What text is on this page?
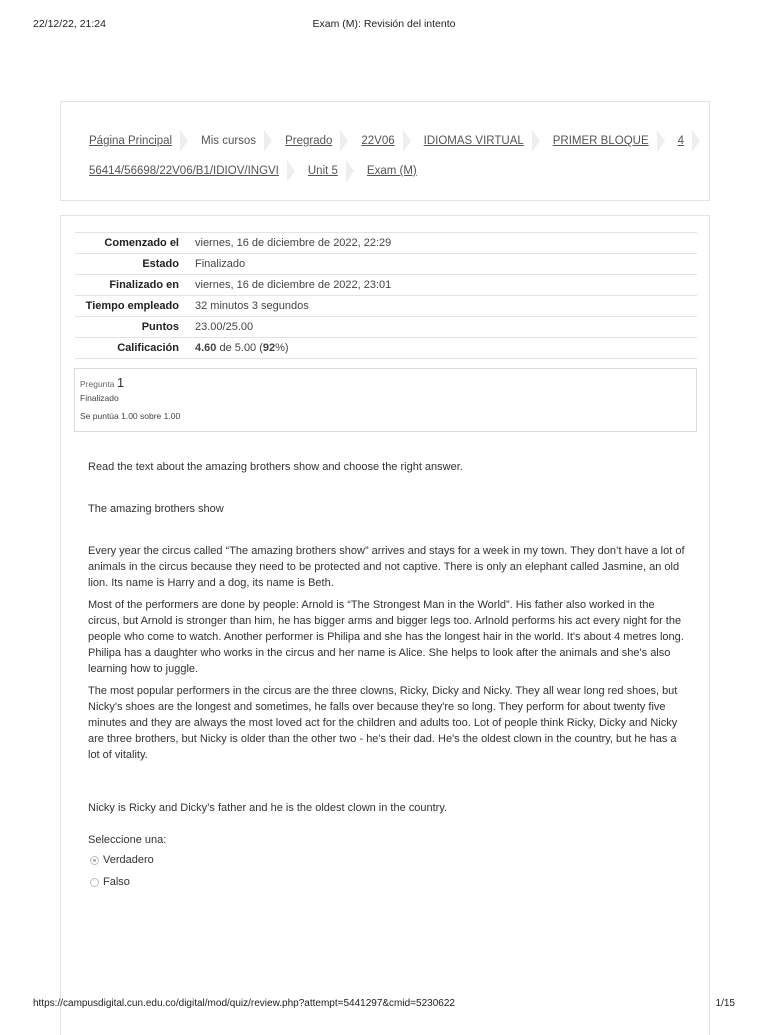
22/12/22, 21:24	Exam (M): Revisión del intento
Página Principal	Mis cursos	Pregrado	22V06	IDIOMAS VIRTUAL	PRIMER BLOQUE	4
56414/56698/22V06/B1/IDIOV/INGVI	Unit 5	Exam (M)
Comenzado el	viernes, 16 de diciembre de 2022, 22:29
Estado	Finalizado
Finalizado en	viernes, 16 de diciembre de 2022, 23:01
Tiempo empleado	32 minutos 3 segundos
Puntos	23.00/25.00
Calificación	4.60 de 5.00 (92%)
Pregunta 1
Finalizado
Se puntúa 1.00 sobre 1.00
Read the text about the amazing brothers show and choose the right answer.
The amazing brothers show

Every year the circus called “The amazing brothers show” arrives and stays for a week in my town. They don’t have a lot of animals in the circus because they need to be protected and not captive. There is only an elephant called Jasmine, an old lion. Its name is Harry and a dog, its name is Beth.

Most of the performers are done by people: Arnold is “The Strongest Man in the World”. His father also worked in the circus, but Arnold is stronger than him, he has bigger arms and bigger legs too. Arlnold performs his act every night for the people who come to watch. Another performer is Philipa and she has the longest hair in the world. It's about 4 metres long. Philipa has a daughter who works in the circus and her name is Alice. She helps to look after the animals and she's also learning how to juggle.

The most popular performers in the circus are the three clowns, Ricky, Dicky and Nicky. They all wear long red shoes, but Nicky's shoes are the longest and sometimes, he falls over because they're so long. They perform for about twenty five minutes and they are always the most loved act for the children and adults too. Lot of people think Ricky, Dicky and Nicky are three brothers, but Nicky is older than the other two - he's their dad. He's the oldest clown in the country, but he has a lot of vitality.

Nicky is Ricky and Dicky’s father and he is the oldest clown in the country.
Seleccione una:
Verdadero
Falso
https://campusdigital.cun.edu.co/digital/mod/quiz/review.php?attempt=5441297&cmid=5230622	1/15
